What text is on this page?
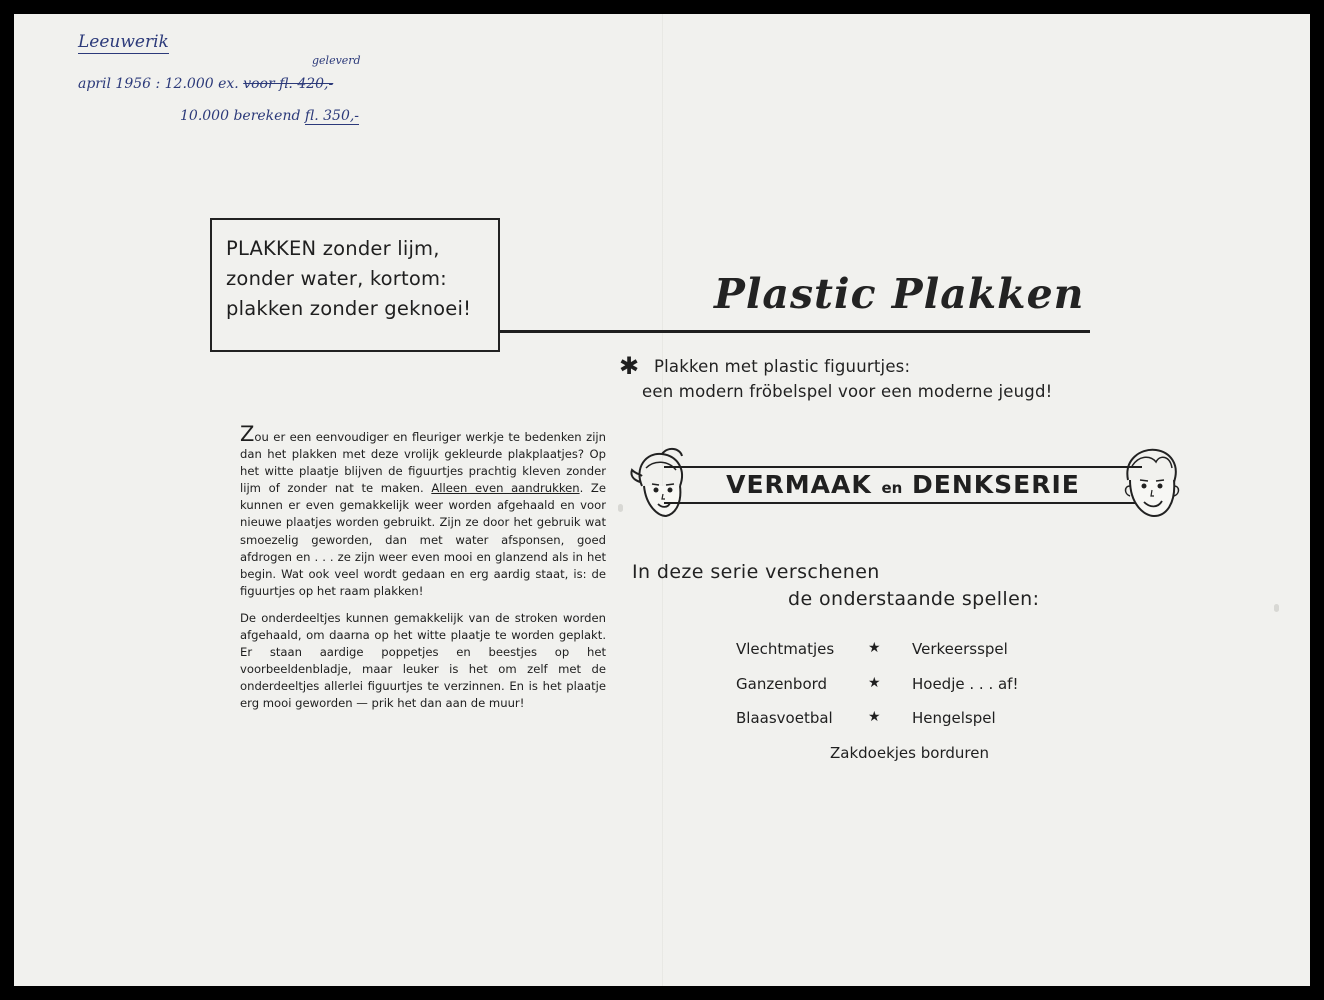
Leeuwerik
geleverd
april 1956 : 12.000 ex. voor fl. 420,-
10.000 berekend fl. 350,-

PLAKKEN zonder lijm,

zonder water, kortom:

plakken zonder geknoei!	Plastic Plakken
✱ Plakken met plastic figuurtjes:

een modern fröbelspel voor een moderne jeugd!

VERMAAK en DENKSERIE

Zou er een eenvoudiger en fleuriger werkje te bedenken zijn dan het plakken met deze vrolijk gekleurde plakplaatjes? Op het witte plaatje blijven de figuurtjes prachtig kleven zonder lijm of zonder nat te maken. Alleen even aandrukken. Ze kunnen er even gemakkelijk weer worden afgehaald en voor nieuwe plaatjes worden gebruikt. Zijn ze door het gebruik wat smoezelig geworden, dan met water afsponsen, goed afdrogen en . . . ze zijn weer even mooi en glanzend als in het begin. Wat ook veel wordt gedaan en erg aardig staat, is: de figuurtjes op het raam plakken!

De onderdeeltjes kunnen gemakkelijk van de stroken worden afgehaald, om daarna op het witte plaatje te worden geplakt. Er staan aardige poppetjes en beestjes op het voorbeeldenbladje, maar leuker is het om zelf met de onderdeeltjes allerlei figuurtjes te verzinnen. En is het plaatje erg mooi geworden — prik het dan aan de muur!

In deze serie verschenen

de onderstaande spellen:

Vlechtmatjes ★ Verkeersspel
Ganzenbord	★ Hoedje . . . af!
Blaasvoetbal	★ Hengelspel
Zakdoekjes borduren
